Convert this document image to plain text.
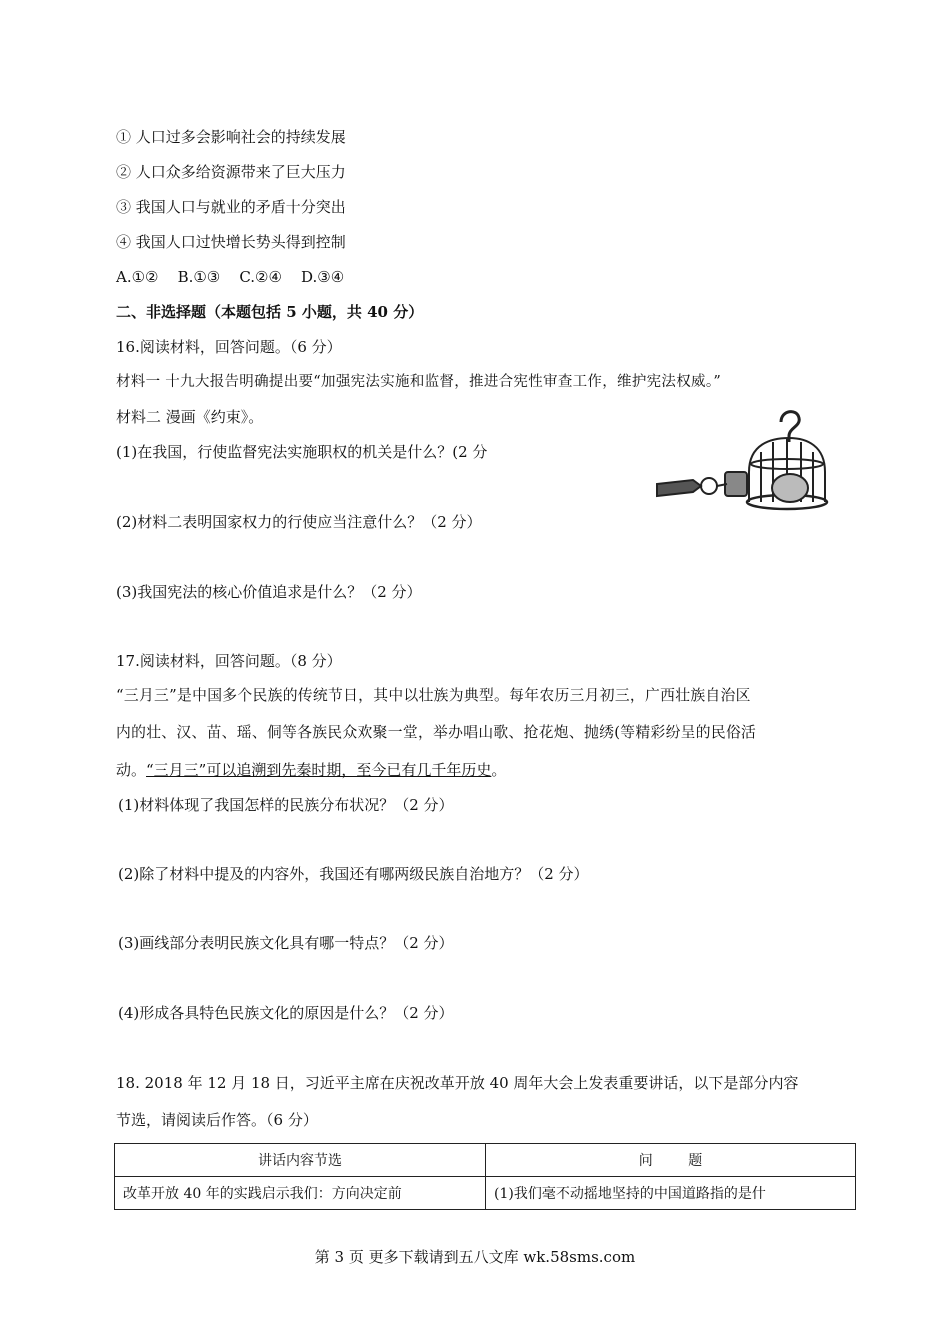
① 人口过多会影响社会的持续发展
② 人口众多给资源带来了巨大压力
③ 我国人口与就业的矛盾十分突出
④ 我国人口过快增长势头得到控制
A.①②    B.①③    C.②④    D.③④
二、非选择题（本题包括 5 小题，共 40 分）
16.阅读材料，回答问题。（6 分）
材料一 十九大报告明确提出要“加强宪法实施和监督，推进合宪性审查工作，维护宪法权威。”
材料二 漫画《约束》。
(1)在我国，行使监督宪法实施职权的机关是什么？(2 分
(2)材料二表明国家权力的行使应当注意什么？（2 分）
(3)我国宪法的核心价值追求是什么？（2 分）
17.阅读材料，回答问题。（8 分）
“三月三”是中国多个民族的传统节日，其中以壮族为典型。每年农历三月初三，广西壮族自治区
内的壮、汉、苗、瑶、侗等各族民众欢聚一堂，举办唱山歌、抢花炮、抛绣(等精彩纷呈的民俗活
动。“三月三”可以追溯到先秦时期，至今已有几千年历史。
(1)材料体现了我国怎样的民族分布状况？（2 分）
(2)除了材料中提及的内容外，我国还有哪两级民族自治地方？（2 分）
(3)画线部分表明民族文化具有哪一特点？（2 分）
(4)形成各具特色民族文化的原因是什么？（2 分）
18. 2018 年 12 月 18 日，习近平主席在庆祝改革开放 40 周年大会上发表重要讲话，以下是部分内容
节选，请阅读后作答。（6 分）
讲话内容节选	问        题
改革开放 40 年的实践启示我们：方向决定前	(1)我们毫不动摇地坚持的中国道路指的是什
第 3 页 更多下载请到五八文库 wk.58sms.com
